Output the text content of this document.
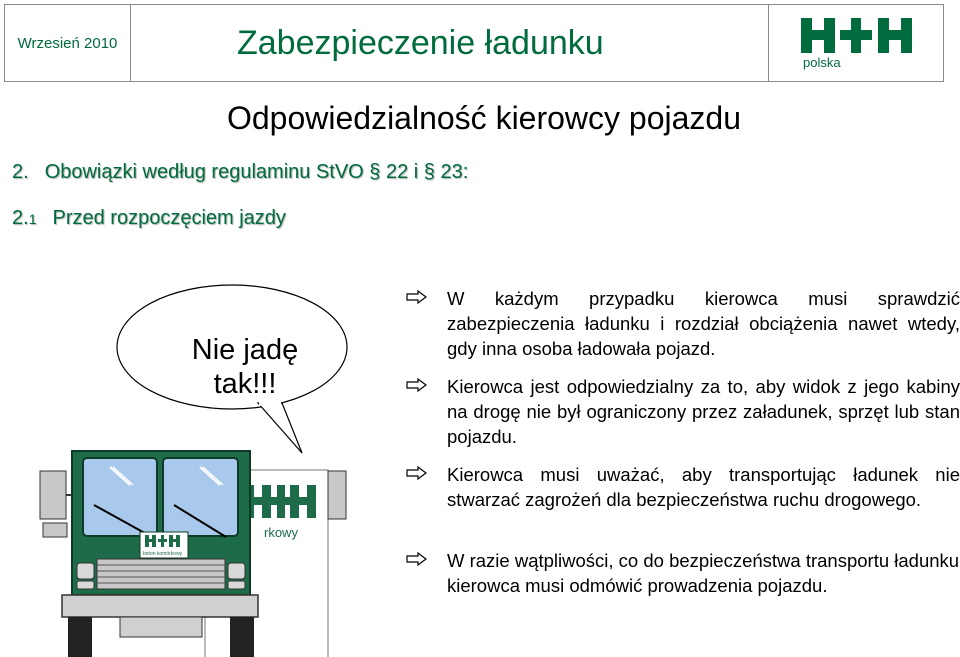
Wrzesień 2010	Zabezpieczenie ładunku
polska
Odpowiedzialność kierowcy pojazdu
2. Obowiązki według regulaminu StVO § 22 i § 23:
2.1 Przed rozpoczęciem jazdy
rkowy
beton komórkowy
Nie jadę
tak!!!
W każdym przypadku kierowca musi sprawdzić zabezpieczenia ładunku i rozdział obciążenia nawet wtedy, gdy inna osoba ładowała pojazd.
Kierowca jest odpowiedzialny za to, aby widok z jego kabiny na drogę nie był ograniczony przez załadunek, sprzęt lub stan pojazdu.
Kierowca musi uważać, aby transportując ładunek nie stwarzać zagrożeń dla bezpieczeństwa ruchu drogowego.
W razie wątpliwości, co do bezpieczeństwa transportu ładunku kierowca musi odmówić prowadzenia pojazdu.
